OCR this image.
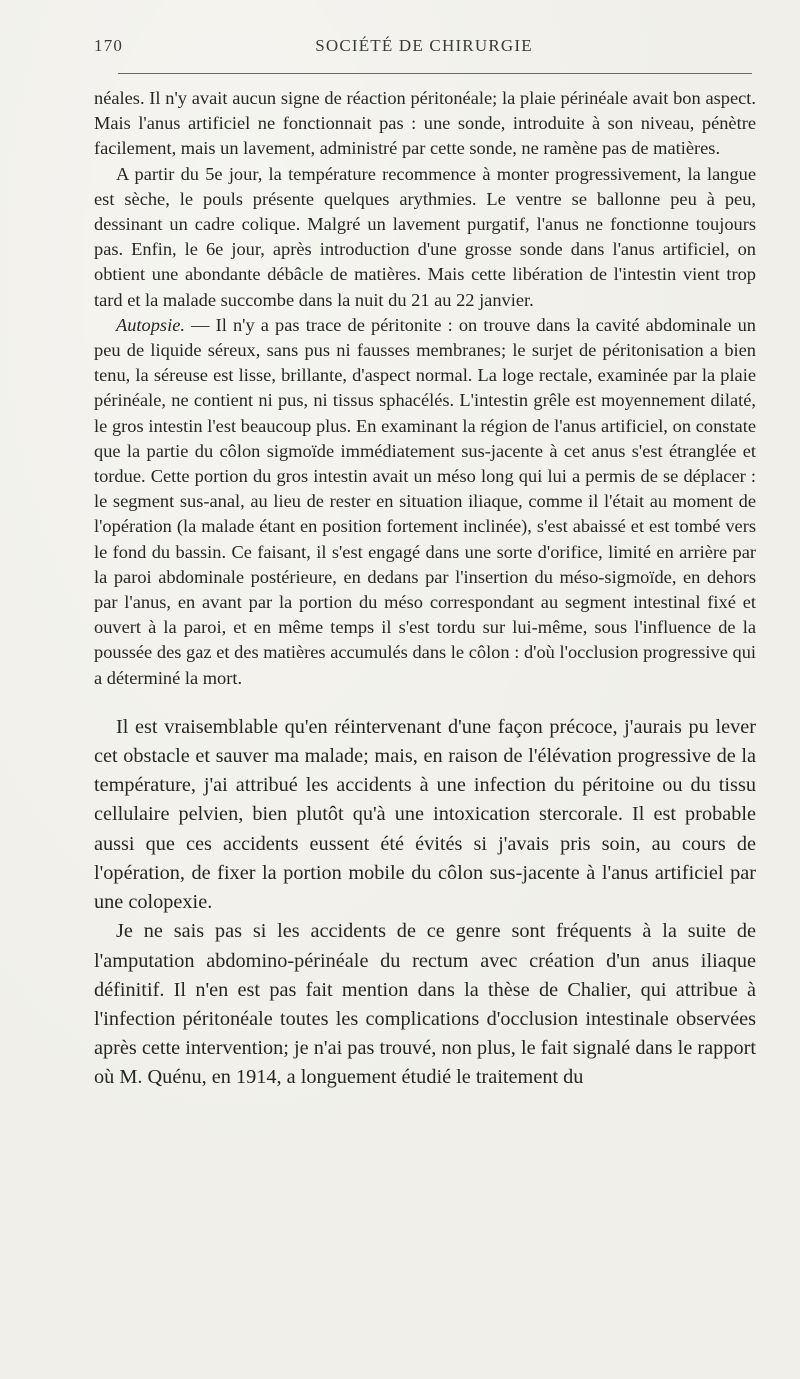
170	SOCIÉTÉ DE CHIRURGIE

néales. Il n'y avait aucun signe de réaction péritonéale; la plaie périnéale avait bon aspect. Mais l'anus artificiel ne fonctionnait pas : une sonde, introduite à son niveau, pénètre facilement, mais un lavement, administré par cette sonde, ne ramène pas de matières.

A partir du 5e jour, la température recommence à monter progressivement, la langue est sèche, le pouls présente quelques arythmies. Le ventre se ballonne peu à peu, dessinant un cadre colique. Malgré un lavement purgatif, l'anus ne fonctionne toujours pas. Enfin, le 6e jour, après introduction d'une grosse sonde dans l'anus artificiel, on obtient une abondante débâcle de matières. Mais cette libération de l'intestin vient trop tard et la malade succombe dans la nuit du 21 au 22 janvier.

Autopsie. — Il n'y a pas trace de péritonite : on trouve dans la cavité abdominale un peu de liquide séreux, sans pus ni fausses membranes; le surjet de péritonisation a bien tenu, la séreuse est lisse, brillante, d'aspect normal. La loge rectale, examinée par la plaie périnéale, ne contient ni pus, ni tissus sphacélés. L'intestin grêle est moyennement dilaté, le gros intestin l'est beaucoup plus. En examinant la région de l'anus artificiel, on constate que la partie du côlon sigmoïde immédiatement sus-jacente à cet anus s'est étranglée et tordue. Cette portion du gros intestin avait un méso long qui lui a permis de se déplacer : le segment sus-anal, au lieu de rester en situation iliaque, comme il l'était au moment de l'opération (la malade étant en position fortement inclinée), s'est abaissé et est tombé vers le fond du bassin. Ce faisant, il s'est engagé dans une sorte d'orifice, limité en arrière par la paroi abdominale postérieure, en dedans par l'insertion du méso-sigmoïde, en dehors par l'anus, en avant par la portion du méso correspondant au segment intestinal fixé et ouvert à la paroi, et en même temps il s'est tordu sur lui-même, sous l'influence de la poussée des gaz et des matières accumulés dans le côlon : d'où l'occlusion progressive qui a déterminé la mort.

Il est vraisemblable qu'en réintervenant d'une façon précoce, j'aurais pu lever cet obstacle et sauver ma malade; mais, en raison de l'élévation progressive de la température, j'ai attribué les accidents à une infection du péritoine ou du tissu cellulaire pelvien, bien plutôt qu'à une intoxication stercorale. Il est probable aussi que ces accidents eussent été évités si j'avais pris soin, au cours de l'opération, de fixer la portion mobile du côlon sus-jacente à l'anus artificiel par une colopexie.

Je ne sais pas si les accidents de ce genre sont fréquents à la suite de l'amputation abdomino-périnéale du rectum avec création d'un anus iliaque définitif. Il n'en est pas fait mention dans la thèse de Chalier, qui attribue à l'infection péritonéale toutes les complications d'occlusion intestinale observées après cette intervention; je n'ai pas trouvé, non plus, le fait signalé dans le rapport où M. Quénu, en 1914, a longuement étudié le traitement du
